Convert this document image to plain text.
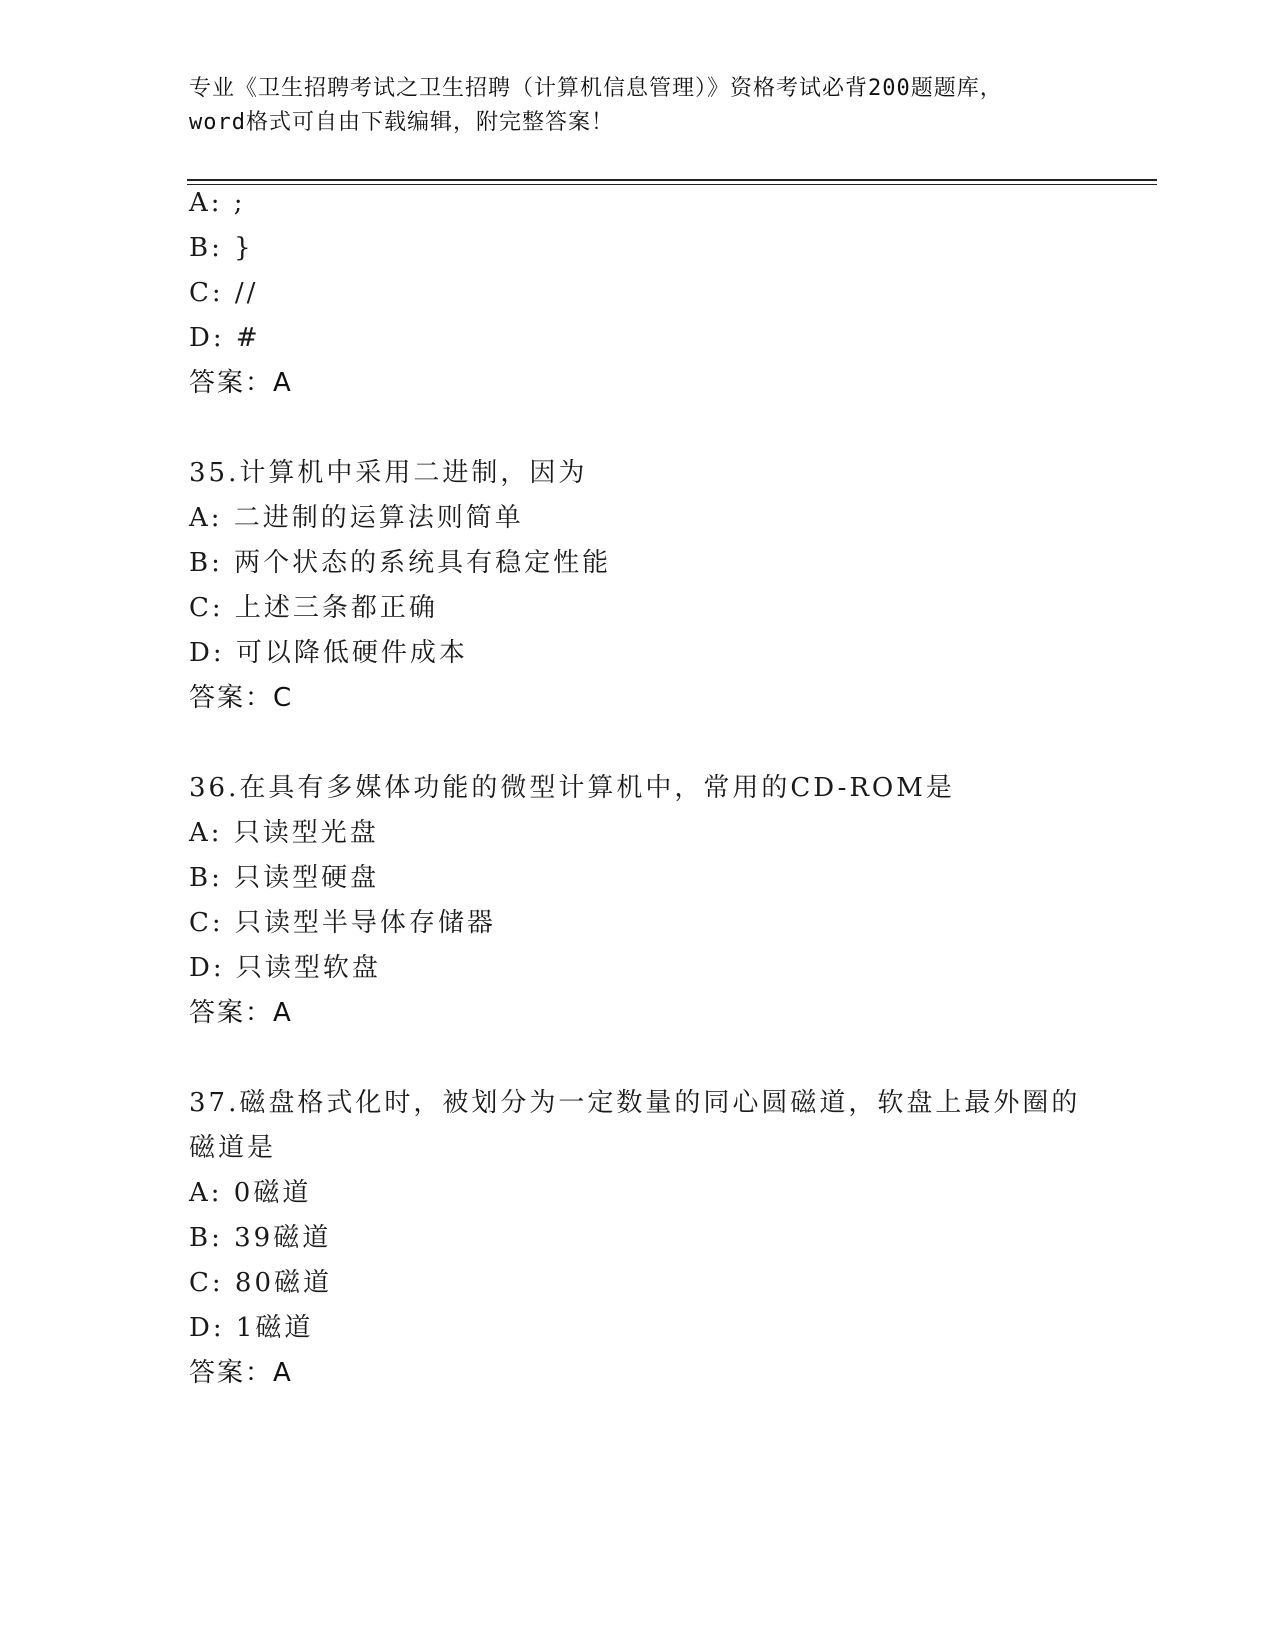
专业《卫生招聘考试之卫生招聘（计算机信息管理）》资格考试必背200题题库，
word格式可自由下载编辑，附完整答案！
A: ;
B: }
C: //
D: #
答案：A
35.计算机中采用二进制，因为
A: 二进制的运算法则简单
B: 两个状态的系统具有稳定性能
C: 上述三条都正确
D: 可以降低硬件成本
答案：C
36.在具有多媒体功能的微型计算机中，常用的CD-ROM是
A: 只读型光盘
B: 只读型硬盘
C: 只读型半导体存储器
D: 只读型软盘
答案：A
37.磁盘格式化时，被划分为一定数量的同心圆磁道，软盘上最外圈的
磁道是
A: 0磁道
B: 39磁道
C: 80磁道
D: 1磁道
答案：A
